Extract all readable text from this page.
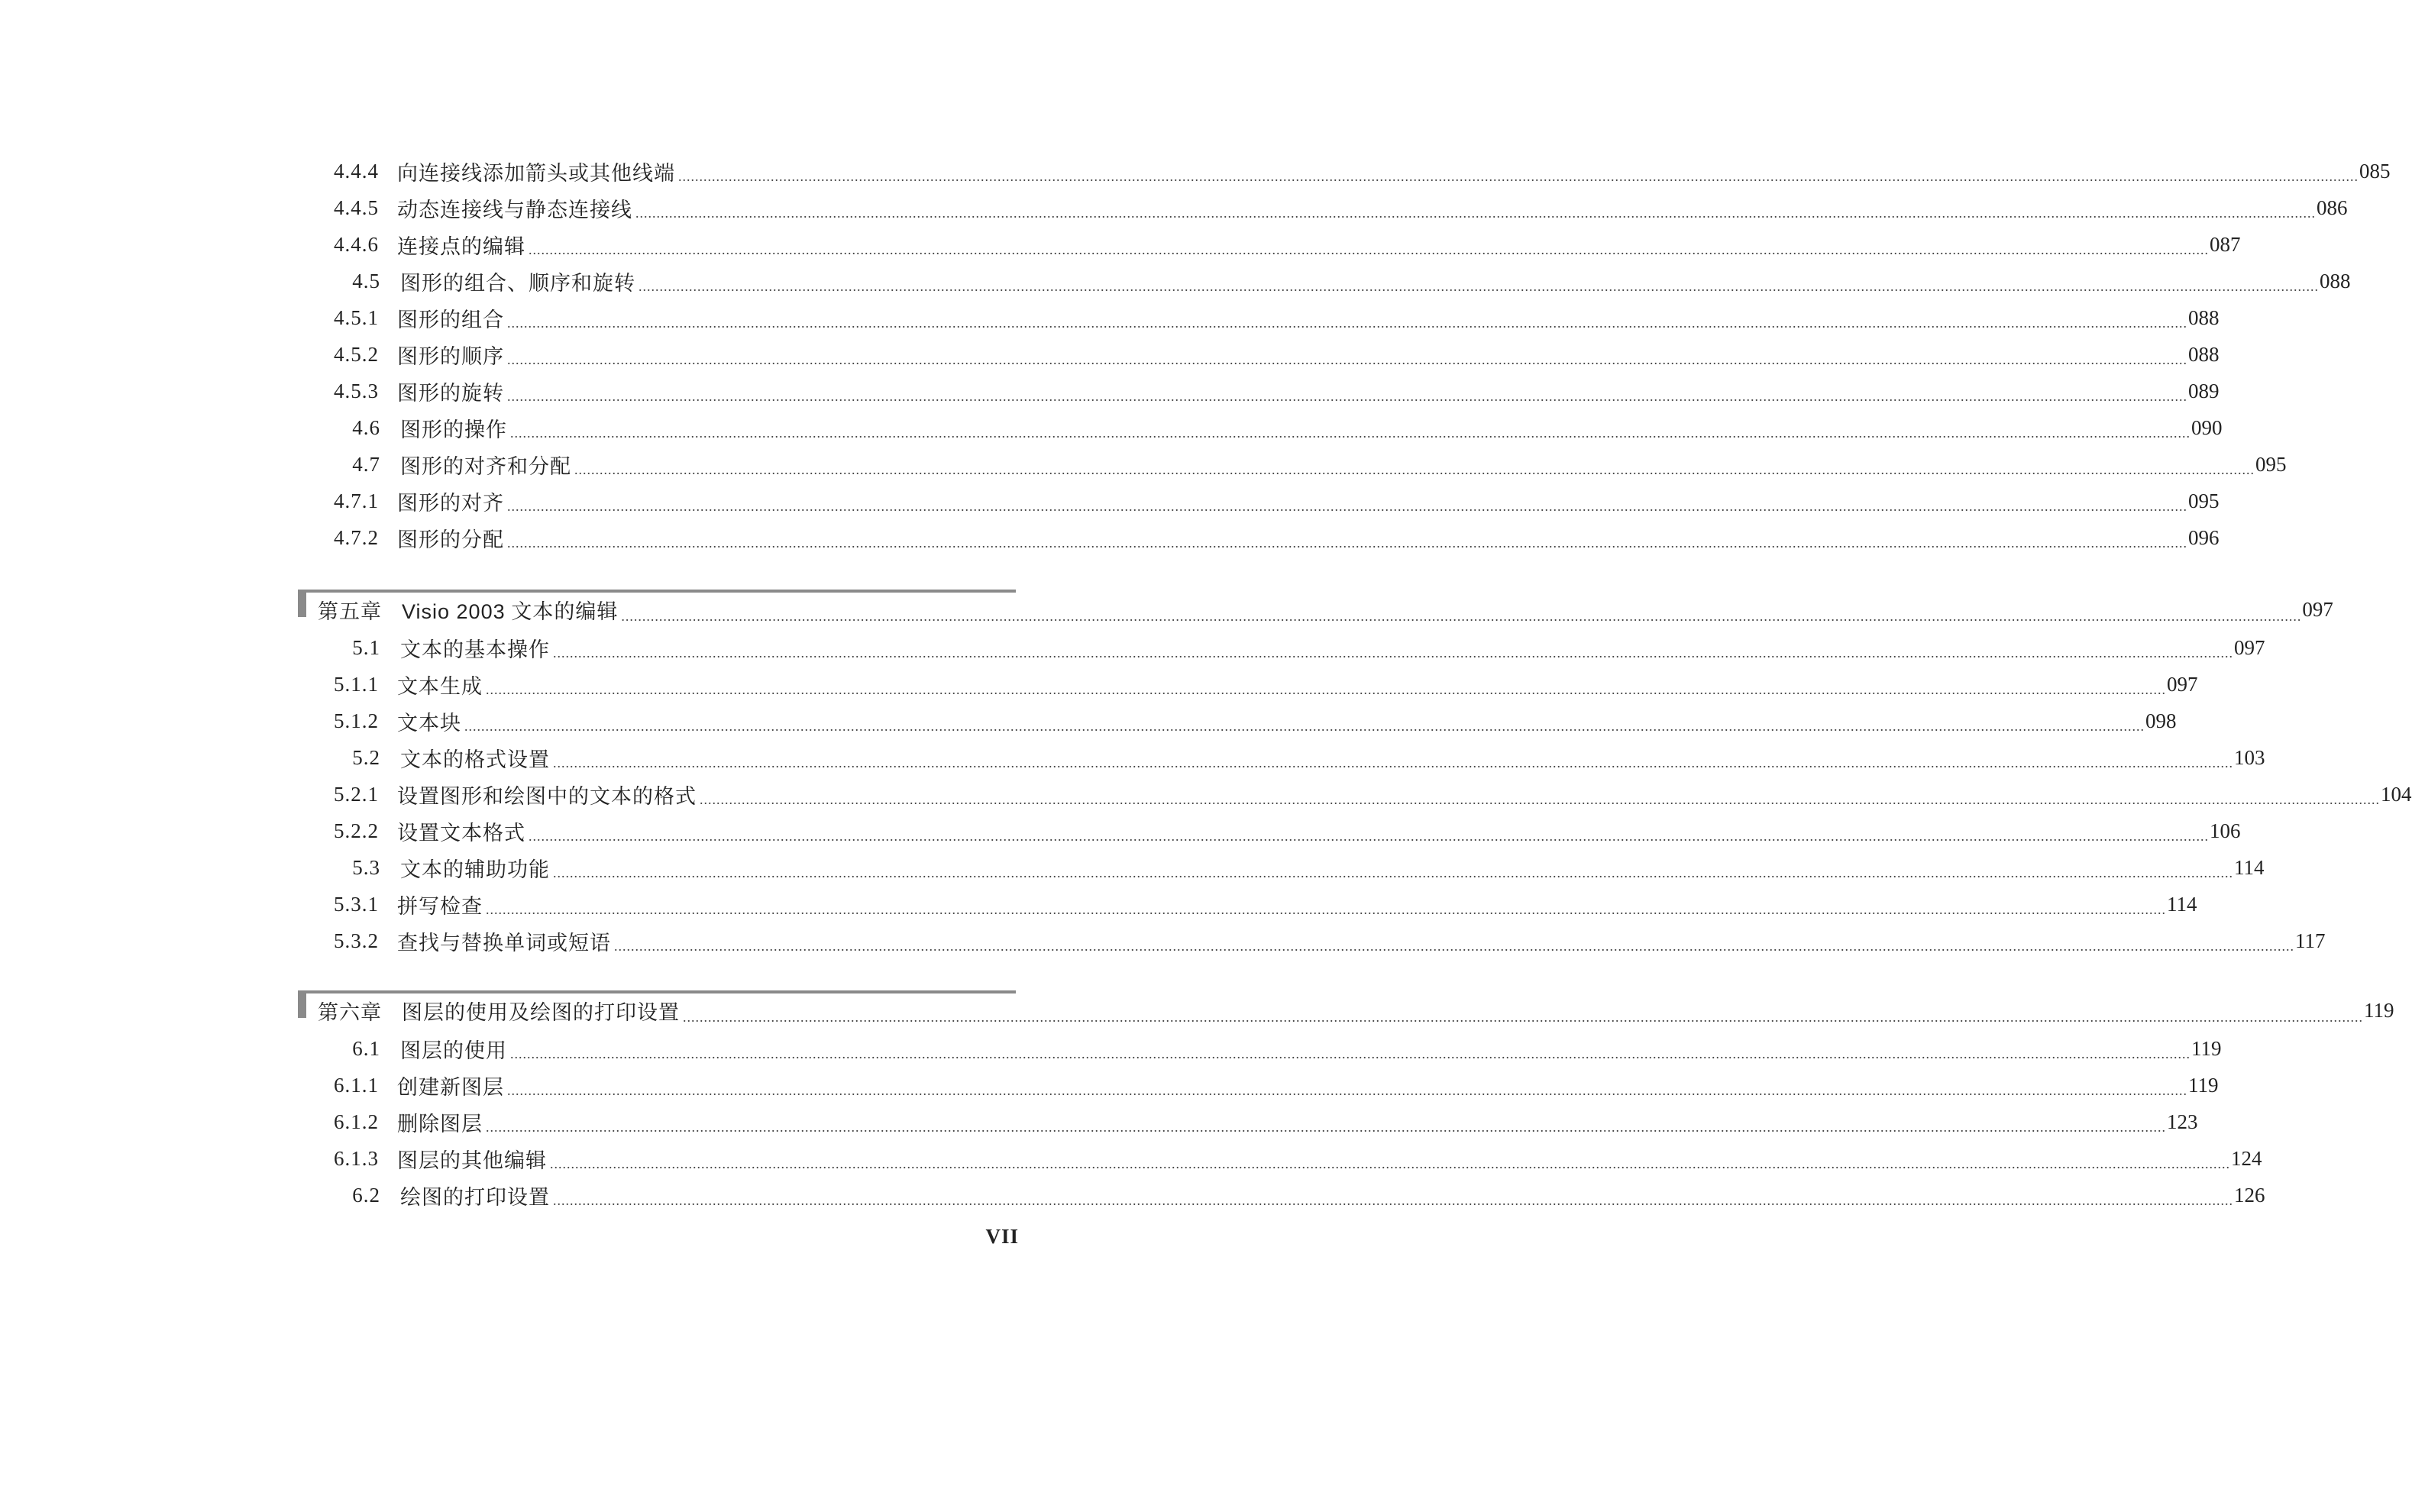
4.4.4 向连接线添加箭头或其他线端 ................................................................................................................................................................................................................................................................................................................................................................................................................ 085
4.4.5 动态连接线与静态连接线 ................................................................................................................................................................................................................................................................................................................................................................................................................ 086
4.4.6 连接点的编辑 ................................................................................................................................................................................................................................................................................................................................................................................................................ 087
4.5 图形的组合、顺序和旋转 ................................................................................................................................................................................................................................................................................................................................................................................................................ 088
4.5.1 图形的组合 ................................................................................................................................................................................................................................................................................................................................................................................................................ 088
4.5.2 图形的顺序 ................................................................................................................................................................................................................................................................................................................................................................................................................ 088
4.5.3 图形的旋转 ................................................................................................................................................................................................................................................................................................................................................................................................................ 089
4.6 图形的操作 ................................................................................................................................................................................................................................................................................................................................................................................................................ 090
4.7 图形的对齐和分配 ................................................................................................................................................................................................................................................................................................................................................................................................................ 095
4.7.1 图形的对齐 ................................................................................................................................................................................................................................................................................................................................................................................................................ 095
4.7.2 图形的分配 ................................................................................................................................................................................................................................................................................................................................................................................................................ 096
第五章 Visio 2003 文本的编辑 ................................................................................................................................................................................................................................................................................................................................................................................................................ 097
5.1 文本的基本操作 ................................................................................................................................................................................................................................................................................................................................................................................................................ 097
5.1.1 文本生成 ................................................................................................................................................................................................................................................................................................................................................................................................................ 097
5.1.2 文本块 ................................................................................................................................................................................................................................................................................................................................................................................................................ 098
5.2 文本的格式设置 ................................................................................................................................................................................................................................................................................................................................................................................................................ 103
5.2.1 设置图形和绘图中的文本的格式 ................................................................................................................................................................................................................................................................................................................................................................................................................ 104
5.2.2 设置文本格式 ................................................................................................................................................................................................................................................................................................................................................................................................................ 106
5.3 文本的辅助功能 ................................................................................................................................................................................................................................................................................................................................................................................................................ 114
5.3.1 拼写检查 ................................................................................................................................................................................................................................................................................................................................................................................................................ 114
5.3.2 查找与替换单词或短语 ................................................................................................................................................................................................................................................................................................................................................................................................................ 117
第六章 图层的使用及绘图的打印设置 ................................................................................................................................................................................................................................................................................................................................................................................................................ 119
6.1 图层的使用 ................................................................................................................................................................................................................................................................................................................................................................................................................ 119
6.1.1 创建新图层 ................................................................................................................................................................................................................................................................................................................................................................................................................ 119
6.1.2 删除图层 ................................................................................................................................................................................................................................................................................................................................................................................................................ 123
6.1.3 图层的其他编辑 ................................................................................................................................................................................................................................................................................................................................................................................................................ 124
6.2 绘图的打印设置 ................................................................................................................................................................................................................................................................................................................................................................................................................ 126
VII
